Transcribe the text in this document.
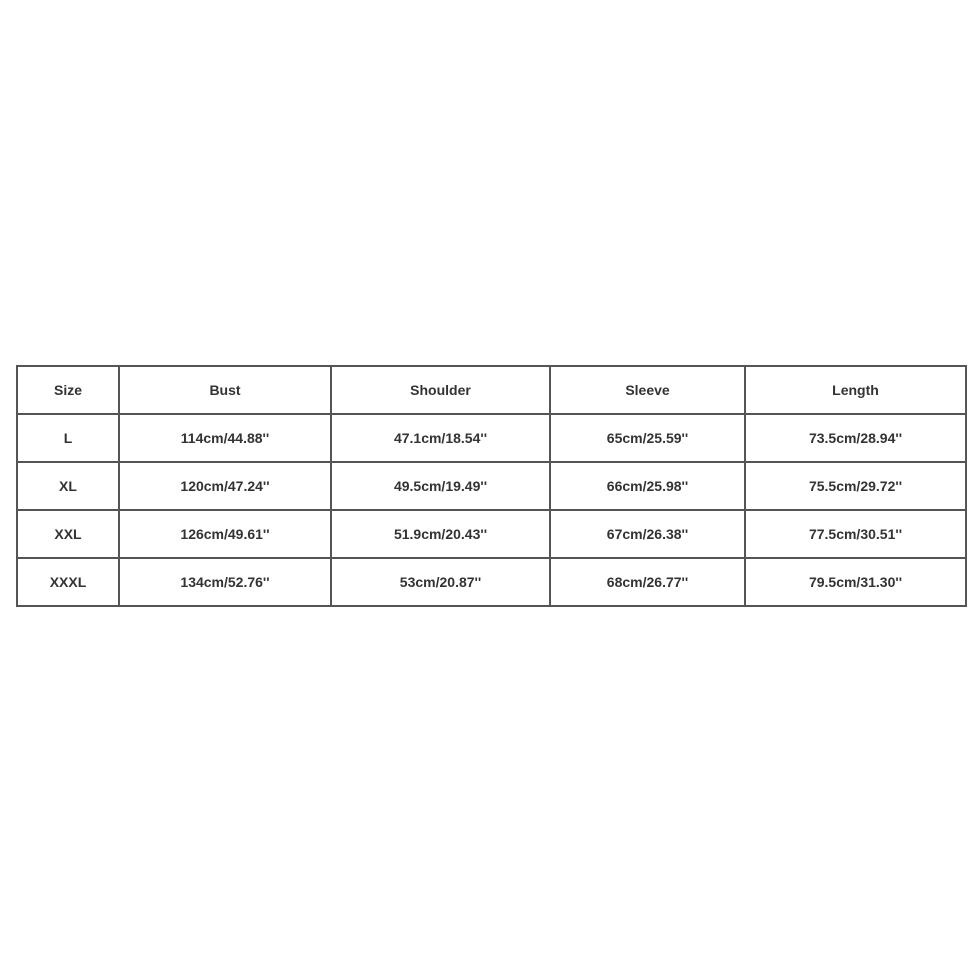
Size	Bust	Shoulder	Sleeve	Length
L	114cm/44.88''	47.1cm/18.54''	65cm/25.59''	73.5cm/28.94''
XL	120cm/47.24''	49.5cm/19.49''	66cm/25.98''	75.5cm/29.72''
XXL	126cm/49.61''	51.9cm/20.43''	67cm/26.38''	77.5cm/30.51''
XXXL	134cm/52.76''	53cm/20.87''	68cm/26.77''	79.5cm/31.30''
